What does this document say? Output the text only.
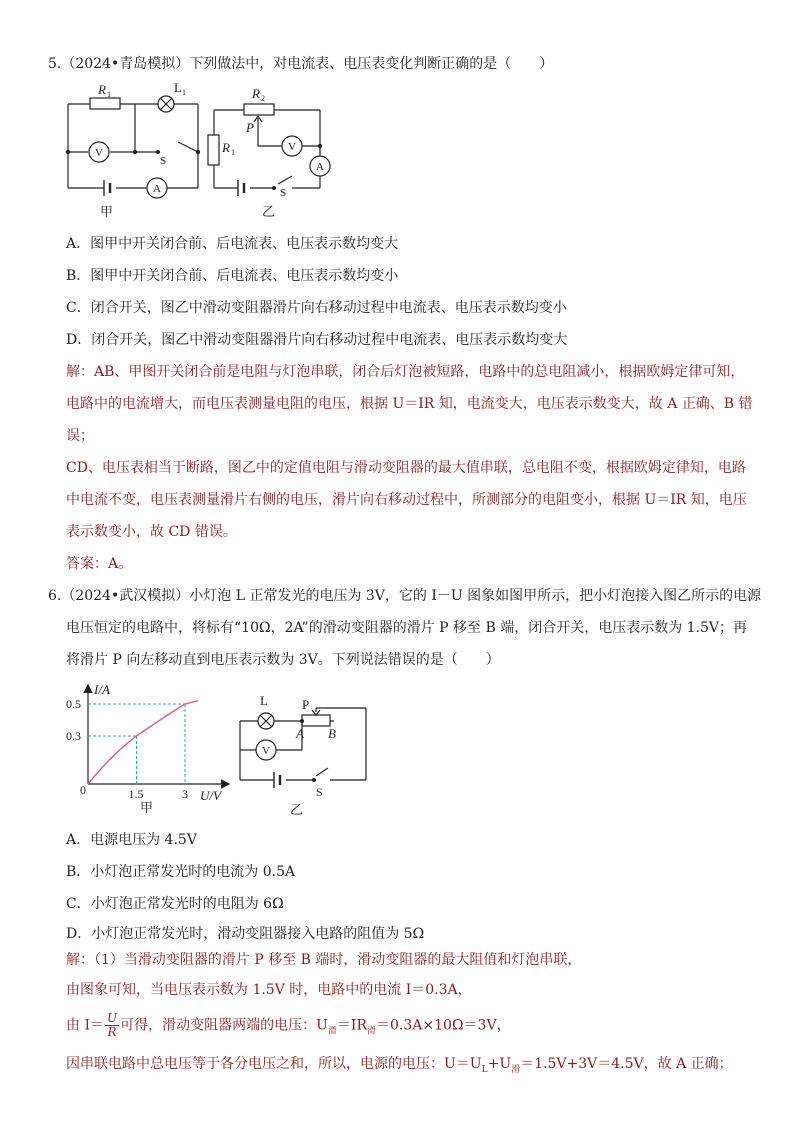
5.（2024•青岛模拟）下列做法中，对电流表、电压表变化判断正确的是（　　）
R 1	L 1
V
A
S
甲
R 2
R 1
P
V
A
S
乙
A．图甲中开关闭合前、后电流表、电压表示数均变大
B．图甲中开关闭合前、后电流表、电压表示数均变小
C．闭合开关，图乙中滑动变阻器滑片向右移动过程中电流表、电压表示数均变小
D．闭合开关，图乙中滑动变阻器滑片向右移动过程中电流表、电压表示数均变大
解：AB、甲图开关闭合前是电阻与灯泡串联，闭合后灯泡被短路，电路中的总电阻减小，根据欧姆定律可知，
电路中的电流增大，而电压表测量电阻的电压，根据 U＝IR 知，电流变大，电压表示数变大，故 A 正确、B 错
误；
CD、电压表相当于断路，图乙中的定值电阻与滑动变阻器的最大值串联，总电阻不变，根据欧姆定律知，电路
中电流不变，电压表测量滑片右侧的电压，滑片向右移动过程中，所测部分的电阻变小，根据 U＝IR 知，电压
表示数变小，故 CD 错误。
答案：A。
6.（2024•武汉模拟）小灯泡 L 正常发光的电压为 3V，它的 I－U 图象如图甲所示，把小灯泡接入图乙所示的电源
电压恒定的电路中，将标有“10Ω，2A”的滑动变阻器的滑片 P 移至 B 端，闭合开关，电压表示数为 1.5V；再
将滑片 P 向左移动直到电压表示数为 3V。下列说法错误的是（　　）
1.5	3
0.5
0.3
I/A
U/V
0
甲
L	P
V
A B
S
乙
A．电源电压为 4.5V
B．小灯泡正常发光时的电流为 0.5A
C．小灯泡正常发光时的电阻为 6Ω
D．小灯泡正常发光时，滑动变阻器接入电路的阻值为 5Ω
解：（1）当滑动变阻器的滑片 P 移至 B 端时，滑动变阻器的最大阻值和灯泡串联，
由图象可知，当电压表示数为 1.5V 时，电路中的电流 I＝0.3A，
由 $I= \frac{U}{R}$ 可得，滑动变阻器两端的电压：$U_滑=IR_滑=0.3A\times 10\Omega=3V$，
因串联电路中总电压等于各分电压之和，所以，电源的电压：$U=U_L+U_滑=1.5V+3V=4.5V$，故 A 正确；
